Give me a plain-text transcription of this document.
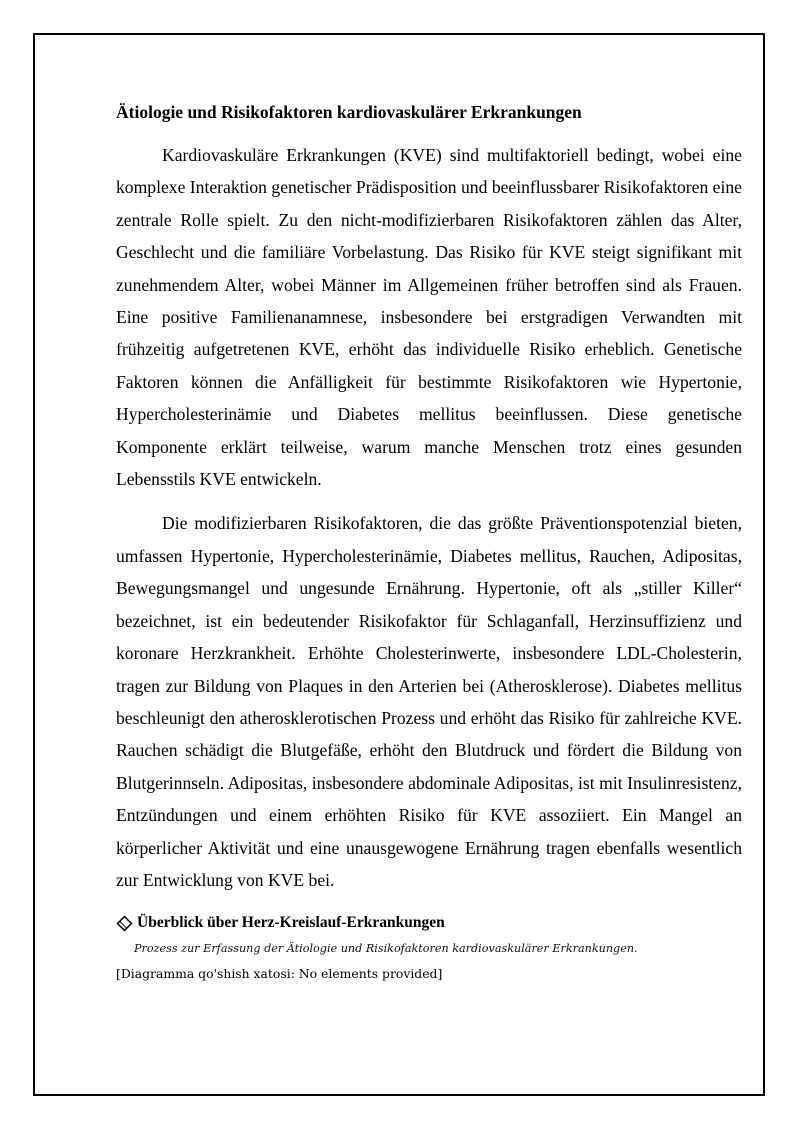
Ätiologie und Risikofaktoren kardiovaskulärer Erkrankungen

Kardiovaskuläre Erkrankungen (KVE) sind multifaktoriell bedingt, wobei eine komplexe Interaktion genetischer Prädisposition und beeinflussbarer Risikofaktoren eine zentrale Rolle spielt. Zu den nicht-modifizierbaren Risikofaktoren zählen das Alter, Geschlecht und die familiäre Vorbelastung. Das Risiko für KVE steigt signifikant mit zunehmendem Alter, wobei Männer im Allgemeinen früher betroffen sind als Frauen. Eine positive Familienanamnese, insbesondere bei erstgradigen Verwandten mit frühzeitig aufgetretenen KVE, erhöht das individuelle Risiko erheblich. Genetische Faktoren können die Anfälligkeit für bestimmte Risikofaktoren wie Hypertonie, Hypercholesterinämie und Diabetes mellitus beeinflussen. Diese genetische Komponente erklärt teilweise, warum manche Menschen trotz eines gesunden Lebensstils KVE entwickeln.

Die modifizierbaren Risikofaktoren, die das größte Präventionspotenzial bieten, umfassen Hypertonie, Hypercholesterinämie, Diabetes mellitus, Rauchen, Adipositas, Bewegungsmangel und ungesunde Ernährung. Hypertonie, oft als „stiller Killer“ bezeichnet, ist ein bedeutender Risikofaktor für Schlaganfall, Herzinsuffizienz und koronare Herzkrankheit. Erhöhte Cholesterinwerte, insbesondere LDL-Cholesterin, tragen zur Bildung von Plaques in den Arterien bei (Atherosklerose). Diabetes mellitus beschleunigt den atherosklerotischen Prozess und erhöht das Risiko für zahlreiche KVE. Rauchen schädigt die Blutgefäße, erhöht den Blutdruck und fördert die Bildung von Blutgerinnseln. Adipositas, insbesondere abdominale Adipositas, ist mit Insulinresistenz, Entzündungen und einem erhöhten Risiko für KVE assoziiert. Ein Mangel an körperlicher Aktivität und eine unausgewogene Ernährung tragen ebenfalls wesentlich zur Entwicklung von KVE bei.

Überblick über Herz-Kreislauf-Erkrankungen

Prozess zur Erfassung der Ätiologie und Risikofaktoren kardiovaskulärer Erkrankungen.

[Diagramma qo'shish xatosi: No elements provided]
